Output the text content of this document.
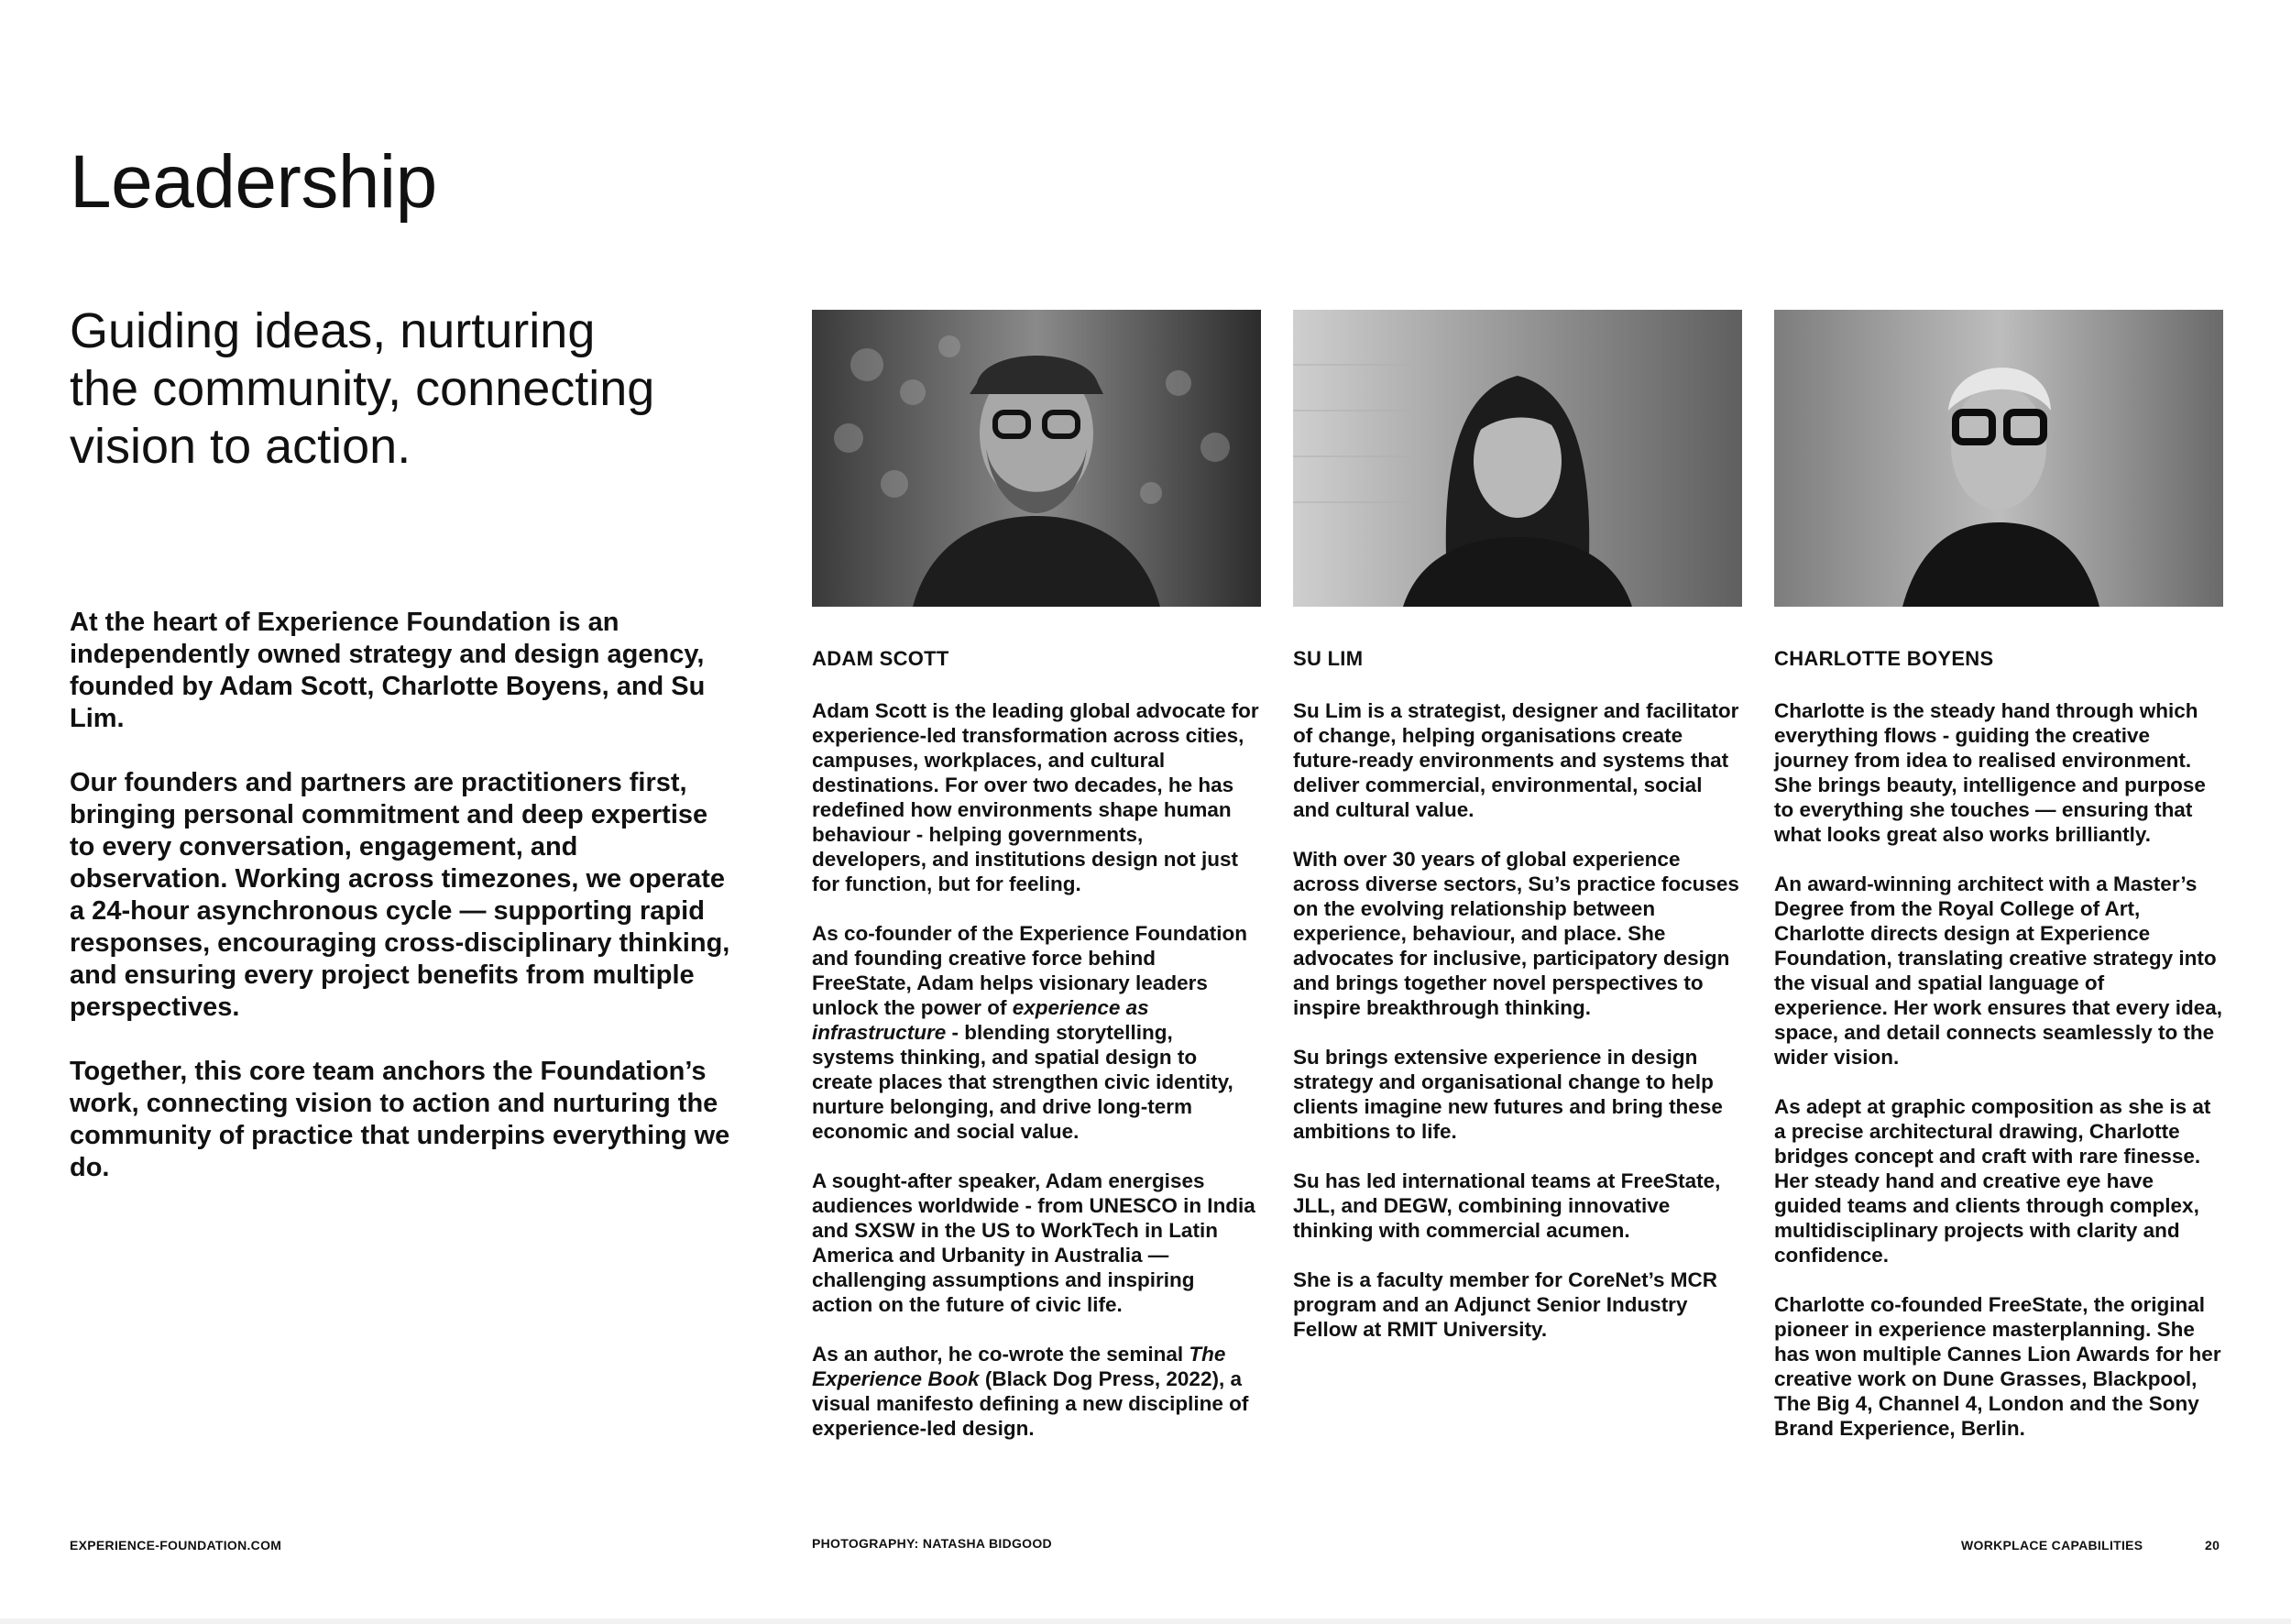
Leadership
Guiding ideas, nurturing
the community, connecting
vision to action.

At the heart of Experience Foundation is an independently owned strategy and design agency, founded by Adam Scott, Charlotte Boyens, and Su Lim.

Our founders and partners are practitioners first, bringing personal commitment and deep expertise to every conversation, engagement, and observation. Working across timezones, we operate a 24-hour asynchronous cycle — supporting rapid responses, encouraging cross-disciplinary thinking, and ensuring every project benefits from multiple perspectives.

Together, this core team anchors the Foundation’s work, connecting vision to action and nurturing the community of practice that underpins everything we do.

ADAM SCOTT

Adam Scott is the leading global advocate for experience-led transformation across cities, campuses, workplaces, and cultural destinations. For over two decades, he has redefined how environments shape human behaviour - helping governments, developers, and institutions design not just for function, but for feeling.

As co-founder of the Experience Foundation and founding creative force behind FreeState, Adam helps visionary leaders unlock the power of experience as infrastructure - blending storytelling, systems thinking, and spatial design to create places that strengthen civic identity, nurture belonging, and drive long-term economic and social value.

A sought-after speaker, Adam energises audiences worldwide - from UNESCO in India and SXSW in the US to WorkTech in Latin America and Urbanity in Australia — challenging assumptions and inspiring action on the future of civic life.

As an author, he co-wrote the seminal The Experience Book (Black Dog Press, 2022), a visual manifesto defining a new discipline of experience-led design.

SU LIM

Su Lim is a strategist, designer and facilitator of change, helping organisations create future-ready environments and systems that deliver commercial, environmental, social and cultural value.

With over 30 years of global experience across diverse sectors, Su’s practice focuses on the evolving relationship between experience, behaviour, and place. She advocates for inclusive, participatory design and brings together novel perspectives to inspire breakthrough thinking.

Su brings extensive experience in design strategy and organisational change to help clients imagine new futures and bring these ambitions to life.

Su has led international teams at FreeState, JLL, and DEGW, combining innovative thinking with commercial acumen.

She is a faculty member for CoreNet’s MCR program and an Adjunct Senior Industry Fellow at RMIT University.

CHARLOTTE BOYENS

Charlotte is the steady hand through which everything flows - guiding the creative journey from idea to realised environment. She brings beauty, intelligence and purpose to everything she touches — ensuring that what looks great also works brilliantly.

An award-winning architect with a Master’s Degree from the Royal College of Art, Charlotte directs design at Experience Foundation, translating creative strategy into the visual and spatial language of experience. Her work ensures that every idea, space, and detail connects seamlessly to the wider vision.

As adept at graphic composition as she is at a precise architectural drawing, Charlotte bridges concept and craft with rare finesse. Her steady hand and creative eye have guided teams and clients through complex, multidisciplinary projects with clarity and confidence.

Charlotte co-founded FreeState, the original pioneer in experience masterplanning. She has won multiple Cannes Lion Awards for her creative work on Dune Grasses, Blackpool, The Big 4, Channel 4, London and the Sony Brand Experience, Berlin.

EXPERIENCE-FOUNDATION.COM	PHOTOGRAPHY: NATASHA BIDGOOD	WORKPLACE CAPABILITIES	20
